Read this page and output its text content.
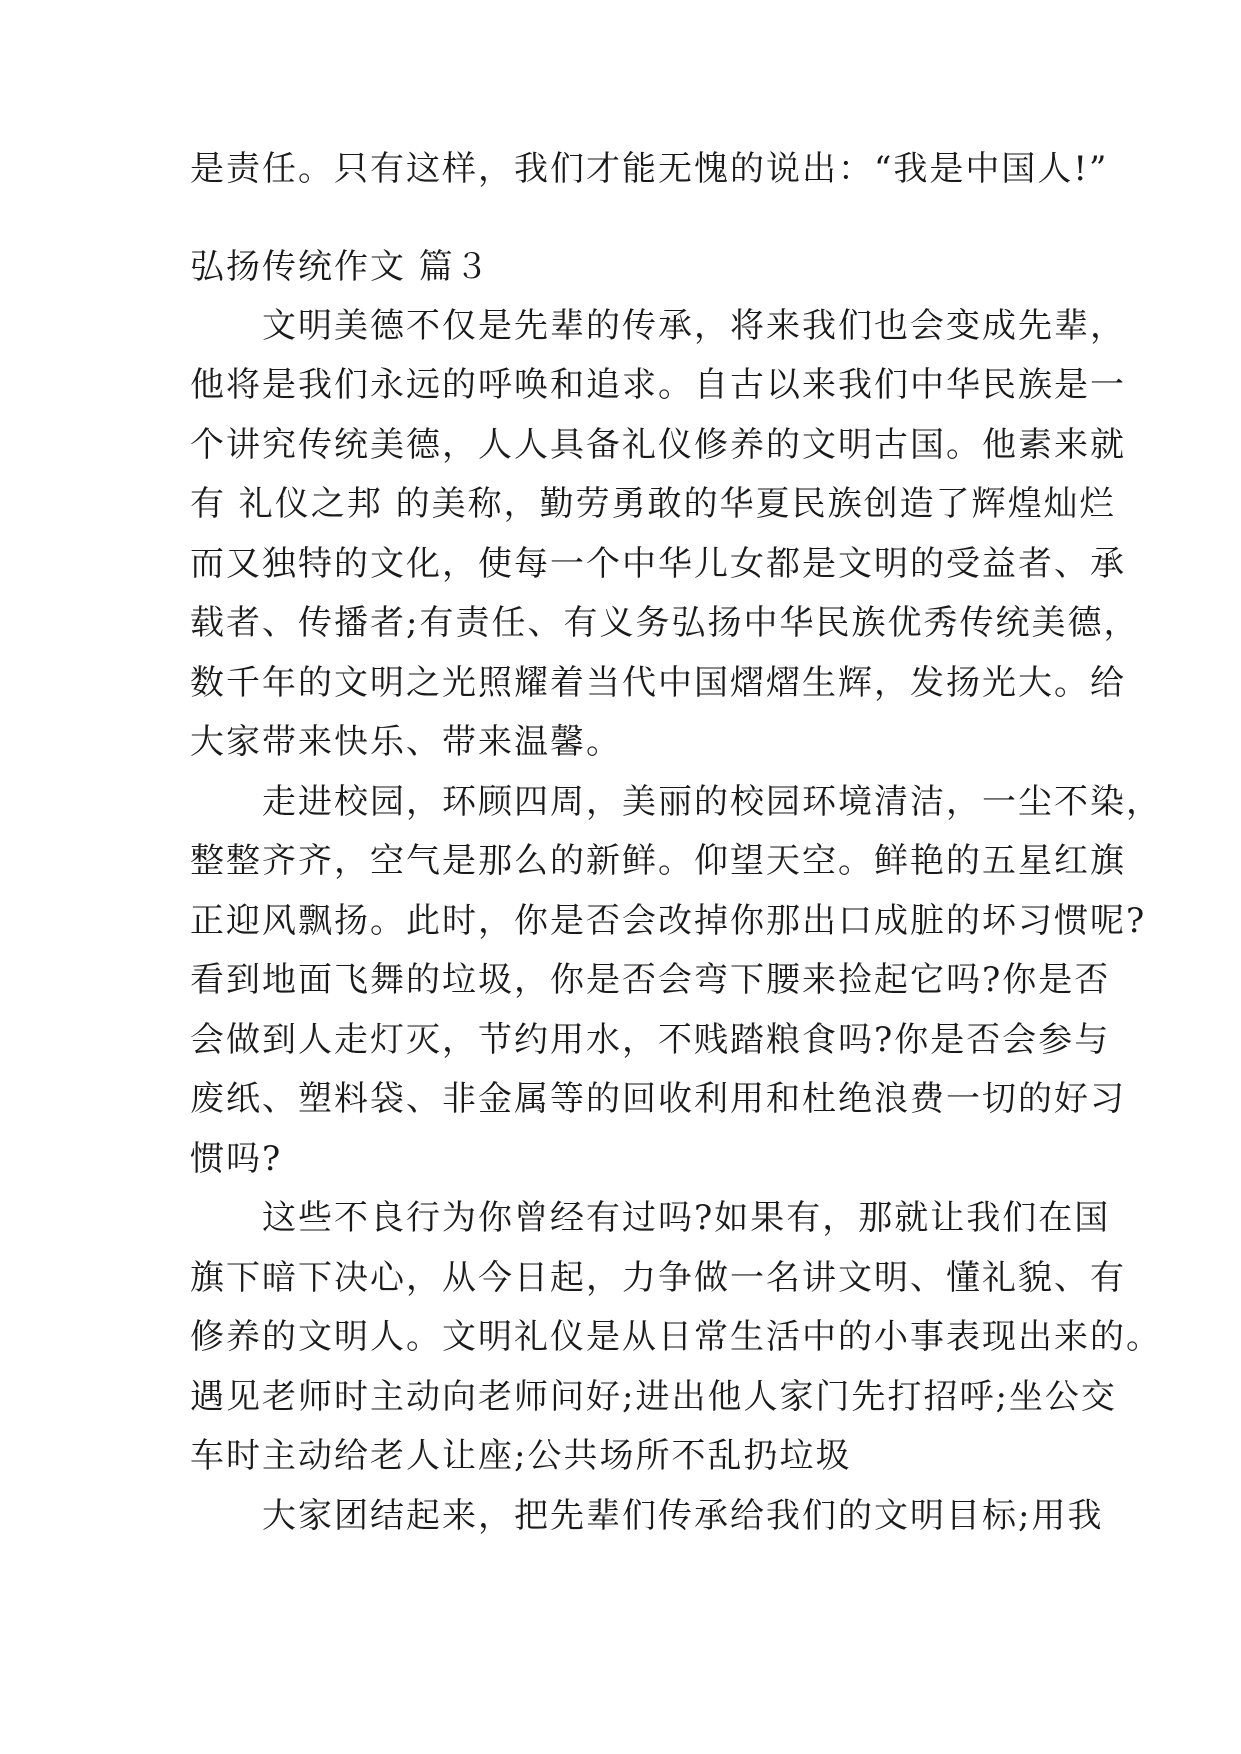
是责任。只有这样，我们才能无愧的说出：“我是中国人!”

弘扬传统作文 篇３

　　文明美德不仅是先辈的传承，将来我们也会变成先辈，

他将是我们永远的呼唤和追求。自古以来我们中华民族是一

个讲究传统美德，人人具备礼仪修养的文明古国。他素来就

有 礼仪之邦 的美称，勤劳勇敢的华夏民族创造了辉煌灿烂

而又独特的文化，使每一个中华儿女都是文明的受益者、承

载者、传播者;有责任、有义务弘扬中华民族优秀传统美德，

数千年的文明之光照耀着当代中国熠熠生辉，发扬光大。给

大家带来快乐、带来温馨。

　　走进校园，环顾四周，美丽的校园环境清洁，一尘不染，

整整齐齐，空气是那么的新鲜。仰望天空。鲜艳的五星红旗

正迎风飘扬。此时，你是否会改掉你那出口成脏的坏习惯呢?

看到地面飞舞的垃圾，你是否会弯下腰来捡起它吗?你是否

会做到人走灯灭，节约用水，不贱踏粮食吗?你是否会参与

废纸、塑料袋、非金属等的回收利用和杜绝浪费一切的好习

惯吗?

　　这些不良行为你曾经有过吗?如果有，那就让我们在国

旗下暗下决心，从今日起，力争做一名讲文明、懂礼貌、有

修养的文明人。文明礼仪是从日常生活中的小事表现出来的。

遇见老师时主动向老师问好;进出他人家门先打招呼;坐公交

车时主动给老人让座;公共场所不乱扔垃圾

　　大家团结起来，把先辈们传承给我们的文明目标;用我
